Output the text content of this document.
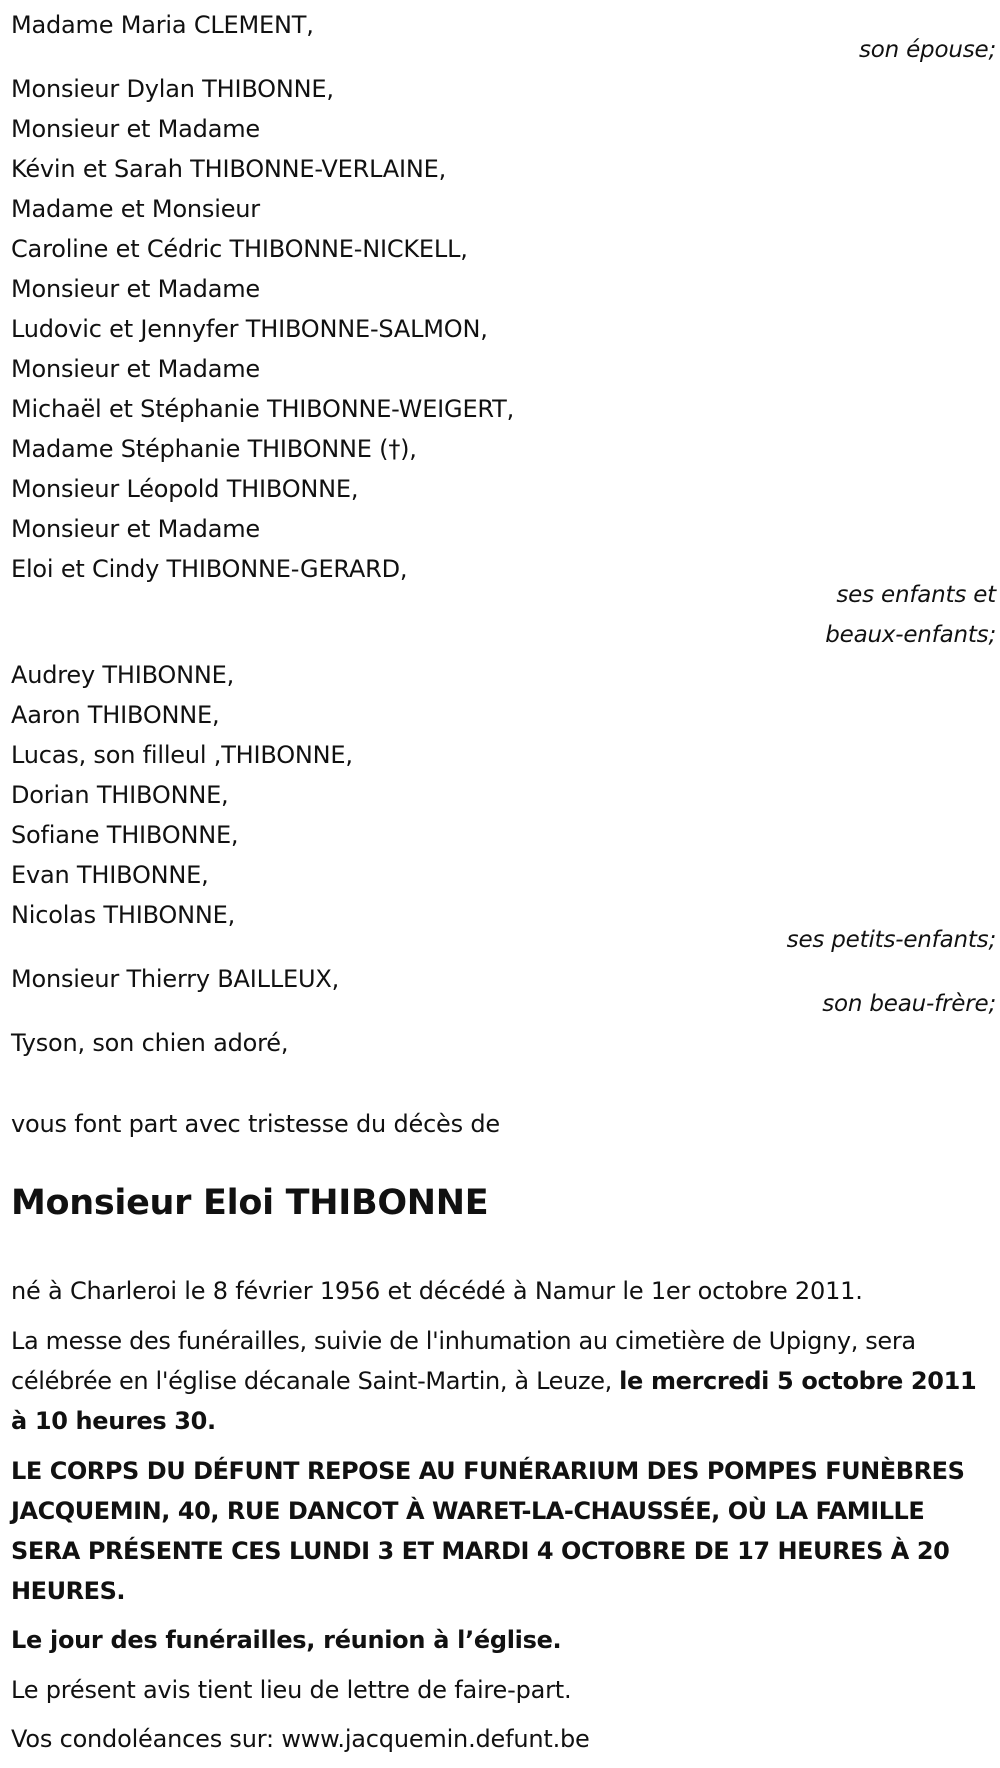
Madame Maria CLEMENT,
son épouse;
Monsieur Dylan THIBONNE,
Monsieur et Madame
Kévin et Sarah THIBONNE-VERLAINE,
Madame et Monsieur
Caroline et Cédric THIBONNE-NICKELL,
Monsieur et Madame
Ludovic et Jennyfer THIBONNE-SALMON,
Monsieur et Madame
Michaël et Stéphanie THIBONNE-WEIGERT,
Madame Stéphanie THIBONNE (†),
Monsieur Léopold THIBONNE,
Monsieur et Madame
Eloi et Cindy THIBONNE-GERARD,
ses enfants et
beaux-enfants;
Audrey THIBONNE,
Aaron THIBONNE,
Lucas, son filleul ,THIBONNE,
Dorian THIBONNE,
Sofiane THIBONNE,
Evan THIBONNE,
Nicolas THIBONNE,
ses petits-enfants;
Monsieur Thierry BAILLEUX,
son beau-frère;
Tyson, son chien adoré,
vous font part avec tristesse du décès de
Monsieur Eloi THIBONNE
né à Charleroi le 8 février 1956 et décédé à Namur le 1er octobre 2011.
La messe des funérailles, suivie de l'inhumation au cimetière de Upigny, sera célébrée en l'église décanale Saint-Martin, à Leuze, le mercredi 5 octobre 2011 à 10 heures 30.
LE CORPS DU DÉFUNT REPOSE AU FUNÉRARIUM DES POMPES FUNÈBRES JACQUEMIN, 40, RUE DANCOT À WARET-LA-CHAUSSÉE, OÙ LA FAMILLE SERA PRÉSENTE CES LUNDI 3 ET MARDI 4 OCTOBRE DE 17 HEURES À 20 HEURES.
Le jour des funérailles, réunion à l’église.
Le présent avis tient lieu de lettre de faire-part.
Vos condoléances sur: www.jacquemin.defunt.be
